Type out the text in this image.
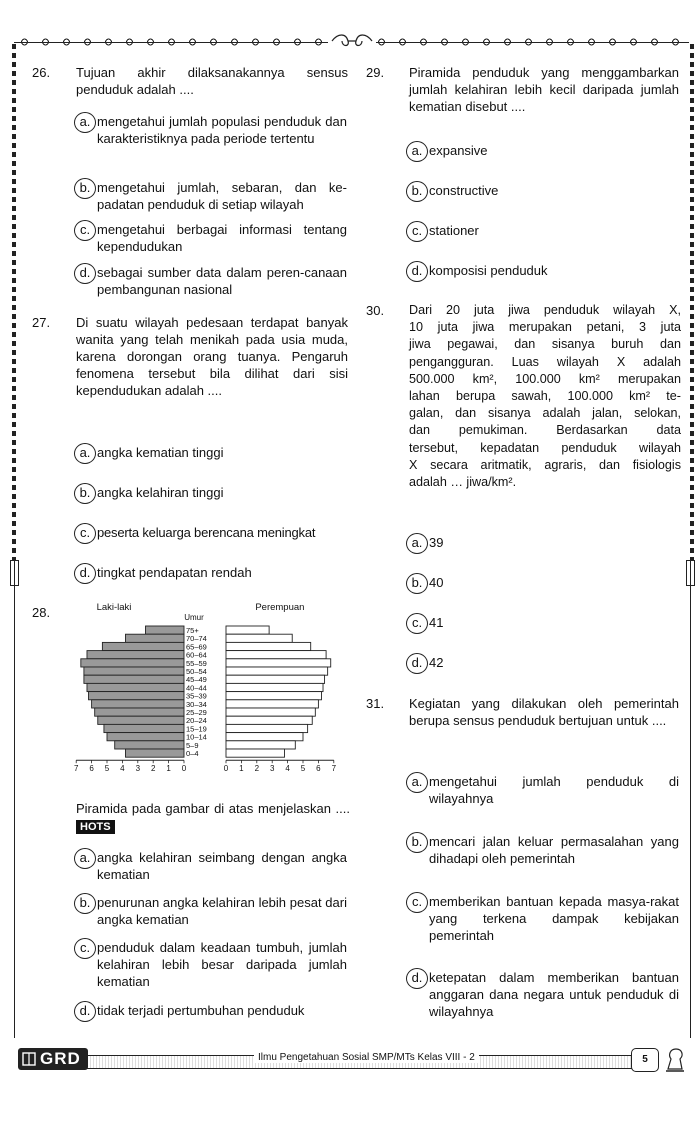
26. Tujuan akhir dilaksanakannya sensus penduduk adalah ....
a. mengetahui jumlah populasi penduduk dan karakteristiknya pada periode tertentu
b. mengetahui jumlah, sebaran, dan ke-padatan penduduk di setiap wilayah
c. mengetahui berbagai informasi tentang kependudukan
d. sebagai sumber data dalam peren-canaan pembangunan nasional
27. Di suatu wilayah pedesaan terdapat banyak wanita yang telah menikah pada usia muda, karena dorongan orang tuanya. Pengaruh fenomena tersebut bila dilihat dari sisi kependudukan adalah ....
a. angka kematian tinggi
b. angka kelahiran tinggi
c. peserta keluarga berencana meningkat
d. tingkat pendapatan rendah
28.	Laki-laki	Perempuan
Umur
75+
70–74
65–69
60–64
55–59
50–54
45–49
40–44
35–39
30–34
25–29
20–24
15–19
10–14
5–9
0–4
7 6 5 4 3 2 1 0	0 1 2 3 4 5 6 7
Piramida pada gambar di atas menjelaskan .... HOTS
a. angka kelahiran seimbang dengan angka kematian
b. penurunan angka kelahiran lebih pesat dari angka kematian
c. penduduk dalam keadaan tumbuh, jumlah kelahiran lebih besar daripada jumlah kematian
d. tidak terjadi pertumbuhan penduduk
29. Piramida penduduk yang menggambarkan jumlah kelahiran lebih kecil daripada jumlah kematian disebut ....
a. expansive
b. constructive
c. stationer
d. komposisi penduduk
30. Dari 20 juta jiwa penduduk wilayah X,
10 juta jiwa merupakan petani, 3 juta
jiwa pegawai, dan sisanya buruh dan
pengangguran. Luas wilayah X adalah
500.000 km², 100.000 km² merupakan
lahan berupa sawah, 100.000 km² te-
galan, dan sisanya adalah jalan, selokan,
dan pemukiman. Berdasarkan data
tersebut, kepadatan penduduk wilayah
X secara aritmatik, agraris, dan fisiologis
adalah … jiwa/km².
a. 39
b. 40
c. 41
d. 42
31. Kegiatan yang dilakukan oleh pemerintah berupa sensus penduduk bertujuan untuk ....
a. mengetahui jumlah penduduk di wilayahnya
b. mencari jalan keluar permasalahan yang dihadapi oleh pemerintah
c. memberikan bantuan kepada masya-rakat yang terkena dampak kebijakan pemerintah
d. ketepatan dalam memberikan bantuan anggaran dana negara untuk penduduk di wilayahnya
GRD	Ilmu Pengetahuan Sosial SMP/MTs Kelas VIII - 2	5
